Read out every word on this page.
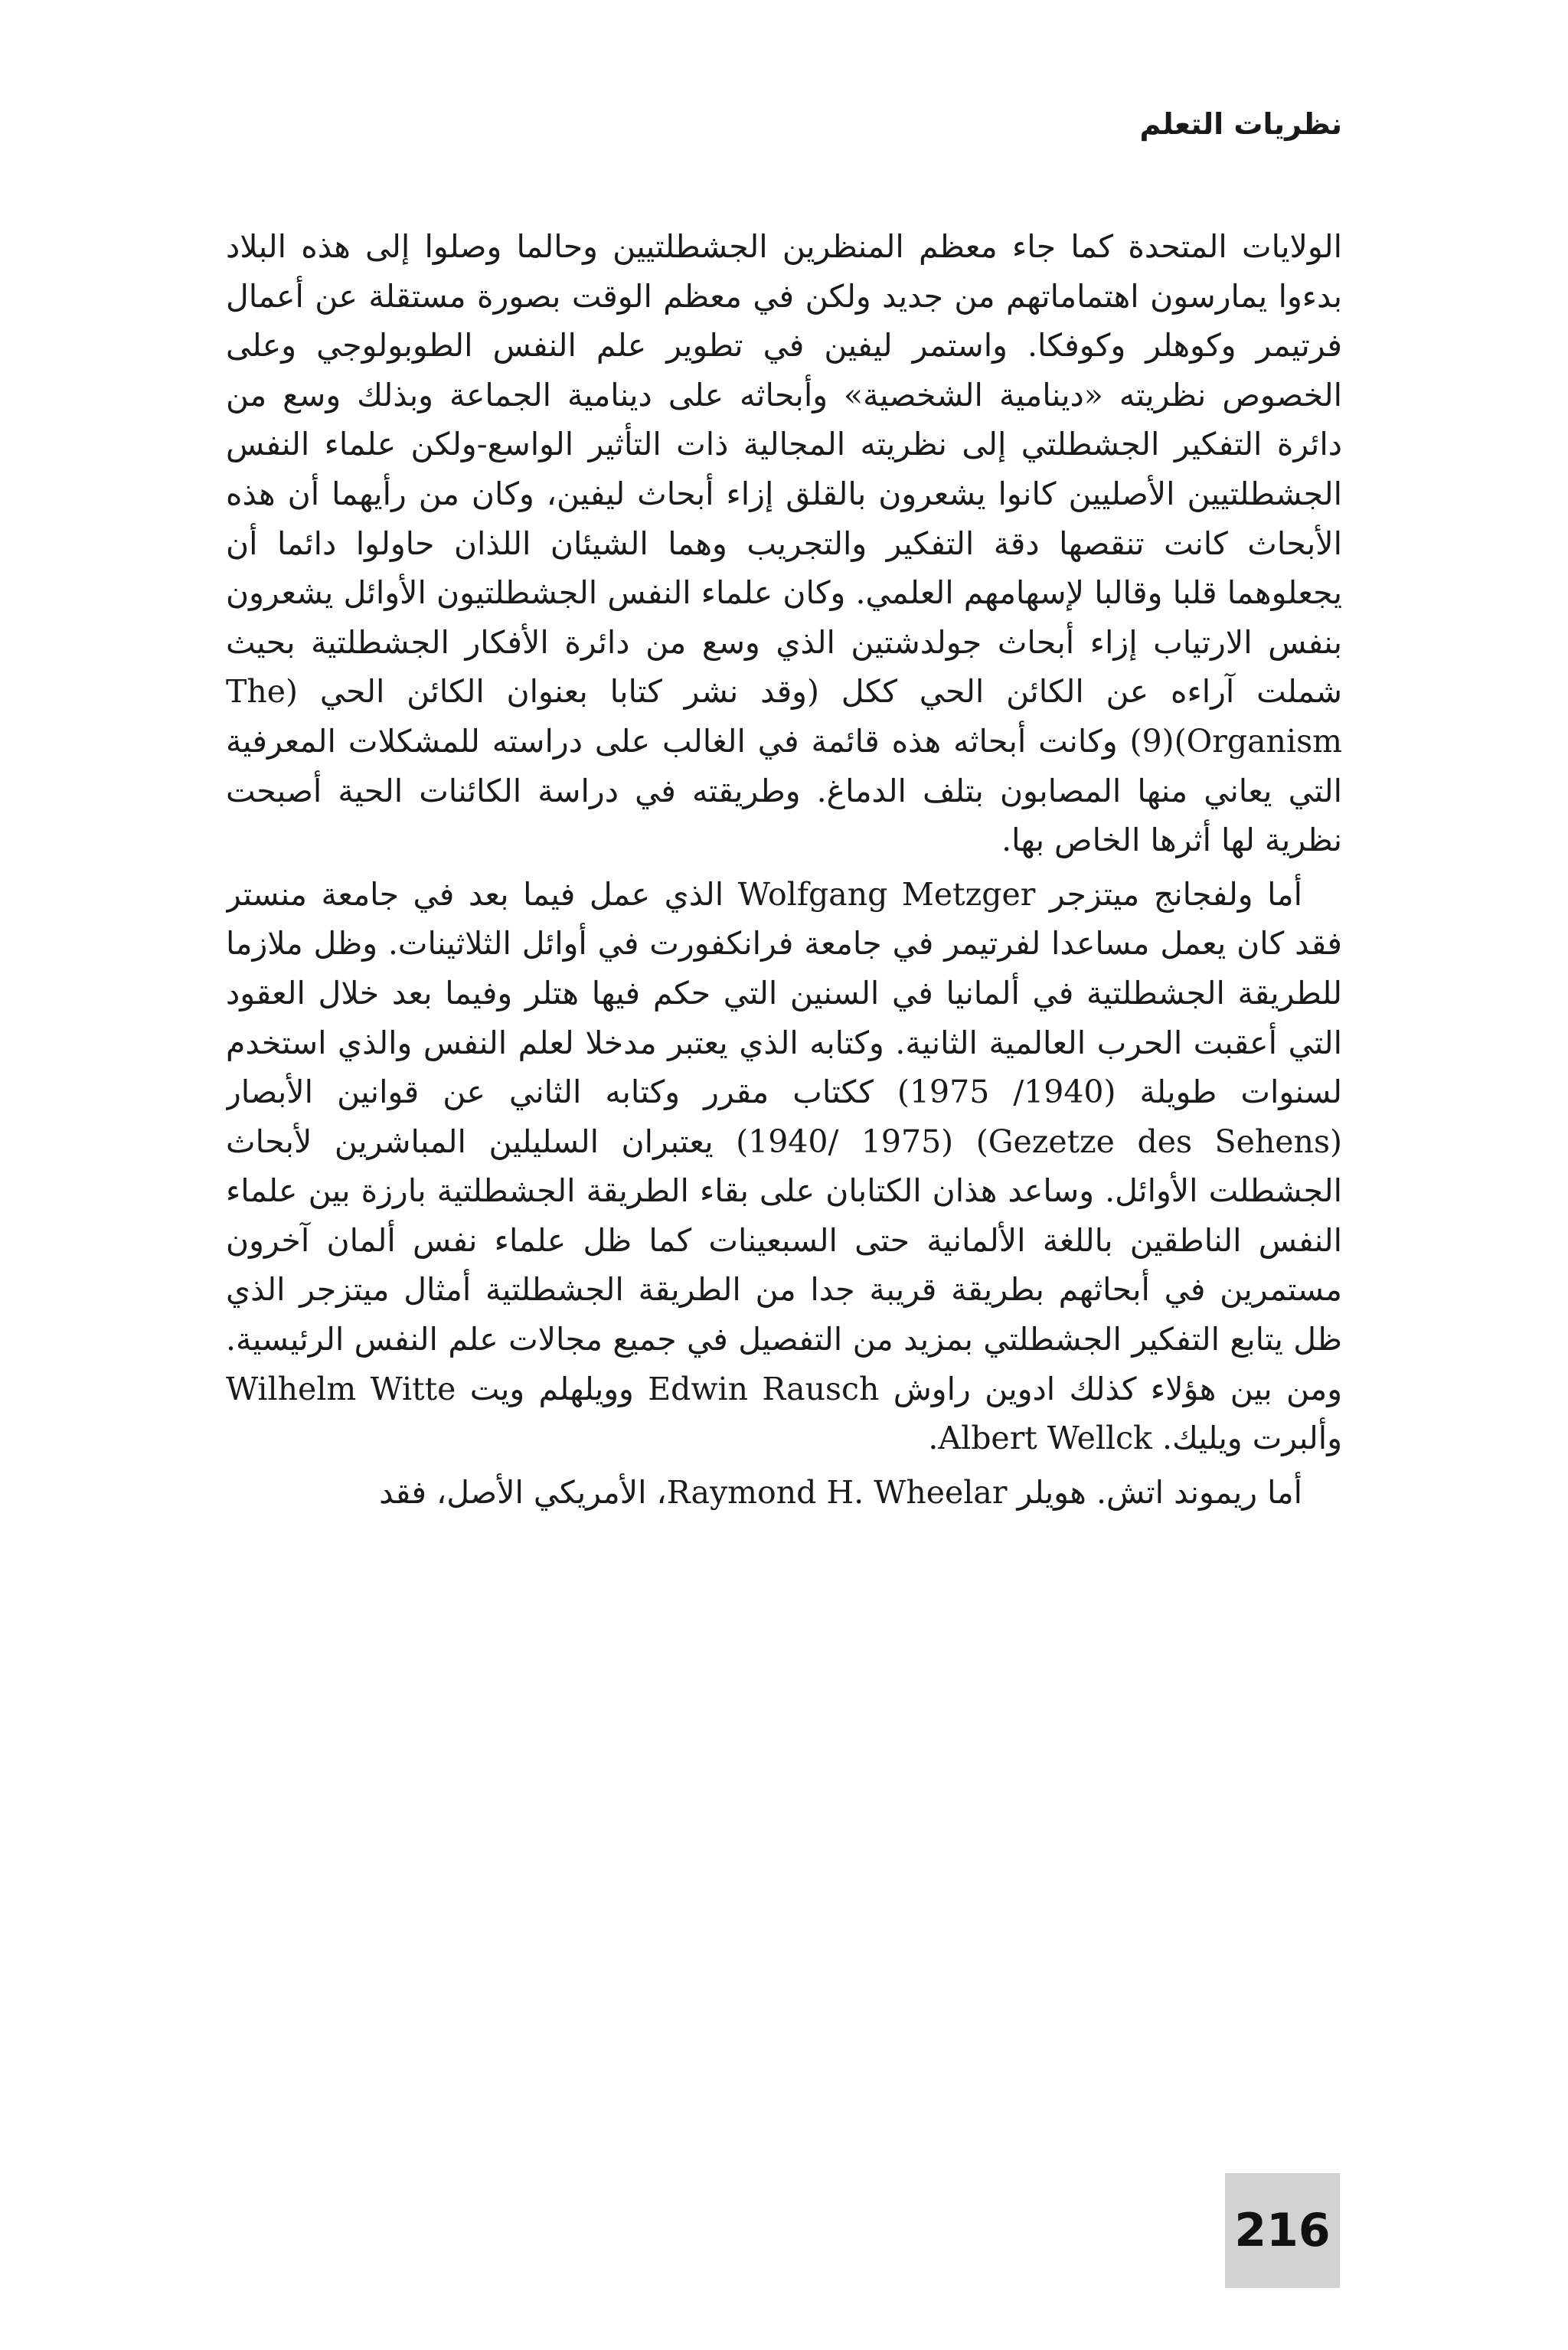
نظريات التعلم

الولايات المتحدة كما جاء معظم المنظرين الجشطلتيين وحالما وصلوا إلى هذه البلاد بدءوا يمارسون اهتماماتهم من جديد ولكن في معظم الوقت بصورة مستقلة عن أعمال فرتيمر وكوهلر وكوفكا. واستمر ليفين في تطوير علم النفس الطوبولوجي وعلى الخصوص نظريته «دينامية الشخصية» وأبحاثه على دينامية الجماعة وبذلك وسع من دائرة التفكير الجشطلتي إلى نظريته المجالية ذات التأثير الواسع-ولكن علماء النفس الجشطلتيين الأصليين كانوا يشعرون بالقلق إزاء أبحاث ليفين، وكان من رأيهما أن هذه الأبحاث كانت تنقصها دقة التفكير والتجريب وهما الشيئان اللذان حاولوا دائما أن يجعلوهما قلبا وقالبا لإسهامهم العلمي. وكان علماء النفس الجشطلتيون الأوائل يشعرون بنفس الارتياب إزاء أبحاث جولدشتين الذي وسع من دائرة الأفكار الجشطلتية بحيث شملت آراءه عن الكائن الحي ككل (وقد نشر كتابا بعنوان الكائن الحي (The Organism)(9) وكانت أبحاثه هذه قائمة في الغالب على دراسته للمشكلات المعرفية التي يعاني منها المصابون بتلف الدماغ. وطريقته في دراسة الكائنات الحية أصبحت نظرية لها أثرها الخاص بها.

أما ولفجانج ميتزجر Wolfgang Metzger الذي عمل فيما بعد في جامعة منستر فقد كان يعمل مساعدا لفرتيمر في جامعة فرانكفورت في أوائل الثلاثينات. وظل ملازما للطريقة الجشطلتية في ألمانيا في السنين التي حكم فيها هتلر وفيما بعد خلال العقود التي أعقبت الحرب العالمية الثانية. وكتابه الذي يعتبر مدخلا لعلم النفس والذي استخدم لسنوات طويلة (1940/ 1975) ككتاب مقرر وكتابه الثاني عن قوانين الأبصار (Gezetze des Sehens) (1940/ 1975) يعتبران السليلين المباشرين لأبحاث الجشطلت الأوائل. وساعد هذان الكتابان على بقاء الطريقة الجشطلتية بارزة بين علماء النفس الناطقين باللغة الألمانية حتى السبعينات كما ظل علماء نفس ألمان آخرون مستمرين في أبحاثهم بطريقة قريبة جدا من الطريقة الجشطلتية أمثال ميتزجر الذي ظل يتابع التفكير الجشطلتي بمزيد من التفصيل في جميع مجالات علم النفس الرئيسية. ومن بين هؤلاء كذلك ادوين راوش Edwin Rausch وويلهلم ويت Wilhelm Witte وألبرت ويليك. Albert Wellck.

أما ريموند اتش. هويلر Raymond H. Wheelar، الأمريكي الأصل، فقد

216
